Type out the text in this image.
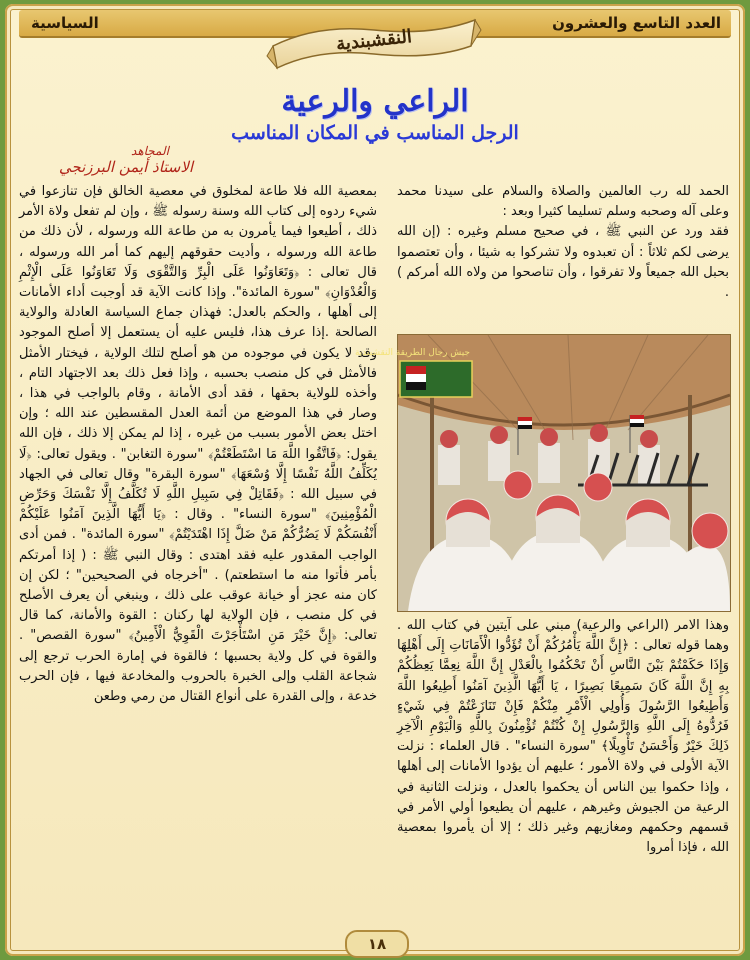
العدد التاسع والعشرون
السياسية
النقشبندية
الراعي والرعية
الرجل المناسب في المكان المناسب
المجاهد
الاستاذ أيمن البرزنجي

بمعصية الله فلا طاعة لمخلوق في معصية الخالق فإن تنازعوا في شيء ردوه إلى كتاب الله وسنة رسوله ﷺ ، وإن لم تفعل ولاة الأمر ذلك ، أطيعوا فيما يأمرون به من طاعة الله ورسوله ، لأن ذلك من طاعة الله ورسوله ، وأديت حقوقهم إليهم كما أمر الله ورسوله ، قال تعالى : ﴿وَتَعَاوَنُوا عَلَى الْبِرِّ وَالتَّقْوَى وَلَا تَعَاوَنُوا عَلَى الْإِثْمِ وَالْعُدْوَانِ﴾ "سورة المائدة". وإذا كانت الآية قد أوجبت أداء الأمانات إلى أهلها ، والحكم بالعدل: فهذان جماع السياسة العادلة والولاية الصالحة .إذا عرف هذا، فليس عليه أن يستعمل إلا أصلح الموجود وقد لا يكون في موجوده من هو أصلح لتلك الولاية ، فيختار الأمثل فالأمثل في كل منصب بحسبه ، وإذا فعل ذلك بعد الاجتهاد التام ، وأخذه للولاية بحقها ، فقد أدى الأمانة ، وقام بالواجب في هذا ، وصار في هذا الموضع من أئمة العدل المقسطين عند الله ؛ وإن اختل بعض الأمور بسبب من غيره ، إذا لم يمكن إلا ذلك ، فإن الله يقول: ﴿فَاتَّقُوا اللَّهَ مَا اسْتَطَعْتُمْ﴾ "سورة التغابن" . ويقول تعالى: ﴿لَا يُكَلِّفُ اللَّهُ نَفْسًا إِلَّا وُسْعَهَا﴾ "سورة البقرة" وقال تعالى في الجهاد في سبيل الله : ﴿فَقَاتِلْ فِي سَبِيلِ اللَّهِ لَا تُكَلَّفُ إِلَّا نَفْسَكَ وَحَرِّضِ الْمُؤْمِنِينَ﴾ "سورة النساء" . وقال : ﴿يَا أَيُّهَا الَّذِينَ آمَنُوا عَلَيْكُمْ أَنْفُسَكُمْ لَا يَضُرُّكُمْ مَنْ ضَلَّ إِذَا اهْتَدَيْتُمْ﴾ "سورة المائدة" . فمن أدى الواجب المقدور عليه فقد اهتدى : وقال النبي ﷺ : ( إذا أمرتكم بأمر فأتوا منه ما استطعتم) . "أخرجاه في الصحيحين" ؛ لكن إن كان منه عجز أو خيانة عوقب على ذلك ، وينبغي أن يعرف الأصلح في كل منصب ، فإن الولاية لها ركنان : القوة والأمانة، كما قال تعالى: ﴿إِنَّ خَيْرَ مَنِ اسْتَأْجَرْتَ الْقَوِيُّ الْأَمِينُ﴾ "سورة القصص" . والقوة في كل ولاية بحسبها ؛ فالقوة في إمارة الحرب ترجع إلى شجاعة القلب وإلى الخبرة بالحروب والمخادعة فيها ، فإن الحرب خدعة ، وإلى القدرة على أنواع القتال من رمي وطعن

الحمد لله رب العالمين والصلاة والسلام على سيدنا محمد وعلى آله وصحبه وسلم تسليما كثيرا وبعد :

فقد ورد عن النبي ﷺ ، في صحيح مسلم وغيره : (إن الله يرضى لكم ثلاثاً : أن تعبدوه ولا تشركوا به شيئا ، وأن تعتصموا بحبل الله جميعاً ولا تفرقوا ، وأن تناصحوا من ولاه الله أمركم ) .

جيش رجال الطريقة النقشبندية

وهذا الامر (الراعي والرعية) مبني على آيتين في كتاب الله . وهما قوله تعالى : ﴿إِنَّ اللَّهَ يَأْمُرُكُمْ أَنْ تُؤَدُّوا الْأَمَانَاتِ إِلَى أَهْلِهَا وَإِذَا حَكَمْتُمْ بَيْنَ النَّاسِ أَنْ تَحْكُمُوا بِالْعَدْلِ إِنَّ اللَّهَ نِعِمَّا يَعِظُكُمْ بِهِ إِنَّ اللَّهَ كَانَ سَمِيعًا بَصِيرًا ، يَا أَيُّهَا الَّذِينَ آمَنُوا أَطِيعُوا اللَّهَ وَأَطِيعُوا الرَّسُولَ وَأُولِي الْأَمْرِ مِنْكُمْ فَإِنْ تَنَازَعْتُمْ فِي شَيْءٍ فَرُدُّوهُ إِلَى اللَّهِ وَالرَّسُولِ إِنْ كُنْتُمْ تُؤْمِنُونَ بِاللَّهِ وَالْيَوْمِ الْآخِرِ ذَلِكَ خَيْرٌ وَأَحْسَنُ تَأْوِيلًا﴾ "سورة النساء" . قال العلماء : نزلت الآية الأولى في ولاة الأمور ؛ عليهم أن يؤدوا الأمانات إلى أهلها ، وإذا حكموا بين الناس أن يحكموا بالعدل ، ونزلت الثانية في الرعية من الجيوش وغيرهم ، عليهم أن يطيعوا أولي الأمر في قسمهم وحكمهم ومغازيهم وغير ذلك ؛ إلا أن يأمروا بمعصية الله ، فإذا أمروا

١٨
